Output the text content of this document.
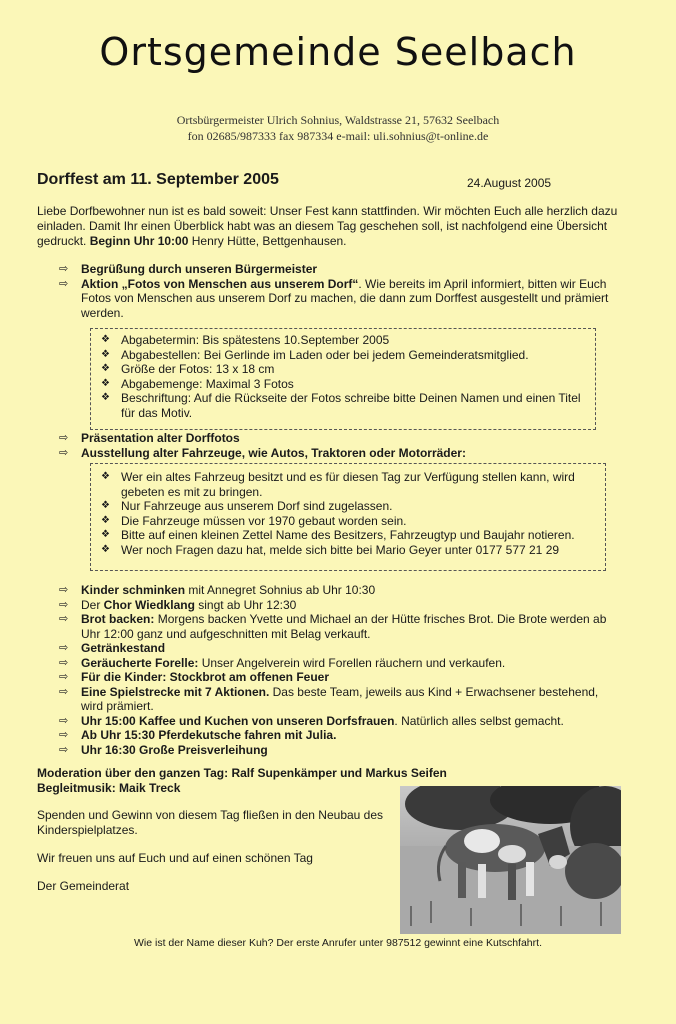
Ortsgemeinde Seelbach
Ortsbürgermeister Ulrich Sohnius, Waldstrasse 21, 57632 Seelbach
fon 02685/987333 fax 987334 e-mail: uli.sohnius@t-online.de
Dorffest am 11. September 2005	24.August 2005
Liebe Dorfbewohner nun ist es bald soweit: Unser Fest kann stattfinden. Wir möchten Euch alle herzlich dazu einladen. Damit Ihr einen Überblick habt was an diesem Tag geschehen soll, ist nachfolgend eine Übersicht gedruckt. Beginn Uhr 10:00 Henry Hütte, Bettgenhausen.
⇨ Begrüßung durch unseren Bürgermeister
⇨ Aktion „Fotos von Menschen aus unserem Dorf“. Wie bereits im April informiert, bitten wir Euch Fotos von Menschen aus unserem Dorf zu machen, die dann zum Dorffest ausgestellt und prämiert werden.
❖ Abgabetermin: Bis spätestens 10.September 2005
❖ Abgabestellen: Bei Gerlinde im Laden oder bei jedem Gemeinderatsmitglied.
❖ Größe der Fotos: 13 x 18 cm
❖ Abgabemenge: Maximal 3 Fotos
❖ Beschriftung: Auf die Rückseite der Fotos schreibe bitte Deinen Namen und einen Titel für das Motiv.
⇨ Präsentation alter Dorffotos
⇨ Ausstellung alter Fahrzeuge, wie Autos, Traktoren oder Motorräder:
❖ Wer ein altes Fahrzeug besitzt und es für diesen Tag zur Verfügung stellen kann, wird gebeten es mit zu bringen.
❖ Nur Fahrzeuge aus unserem Dorf sind zugelassen.
❖ Die Fahrzeuge müssen vor 1970 gebaut worden sein.
❖ Bitte auf einen kleinen Zettel Name des Besitzers, Fahrzeugtyp und Baujahr notieren.
❖ Wer noch Fragen dazu hat, melde sich bitte bei Mario Geyer unter 0177 577 21 29
⇨ Kinder schminken mit Annegret Sohnius ab Uhr 10:30
⇨ Der Chor Wiedklang singt ab Uhr 12:30
⇨ Brot backen: Morgens backen Yvette und Michael an der Hütte frisches Brot. Die Brote werden ab Uhr 12:00 ganz und aufgeschnitten mit Belag verkauft.
⇨ Getränkestand
⇨ Geräucherte Forelle: Unser Angelverein wird Forellen räuchern und verkaufen.
⇨ Für die Kinder: Stockbrot am offenen Feuer
⇨ Eine Spielstrecke mit 7 Aktionen. Das beste Team, jeweils aus Kind + Erwachsener bestehend, wird prämiert.
⇨ Uhr 15:00 Kaffee und Kuchen von unseren Dorfsfrauen. Natürlich alles selbst gemacht.
⇨ Ab Uhr 15:30 Pferdekutsche fahren mit Julia.
⇨ Uhr 16:30 Große Preisverleihung
Moderation über den ganzen Tag: Ralf Supenkämper und Markus Seifen
Begleitmusik: Maik Treck
Spenden und Gewinn von diesem Tag fließen in den Neubau des Kinderspielplatzes.
Wir freuen uns auf Euch und auf einen schönen Tag
Der Gemeinderat
Wie ist der Name dieser Kuh? Der erste Anrufer unter 987512 gewinnt eine Kutschfahrt.
